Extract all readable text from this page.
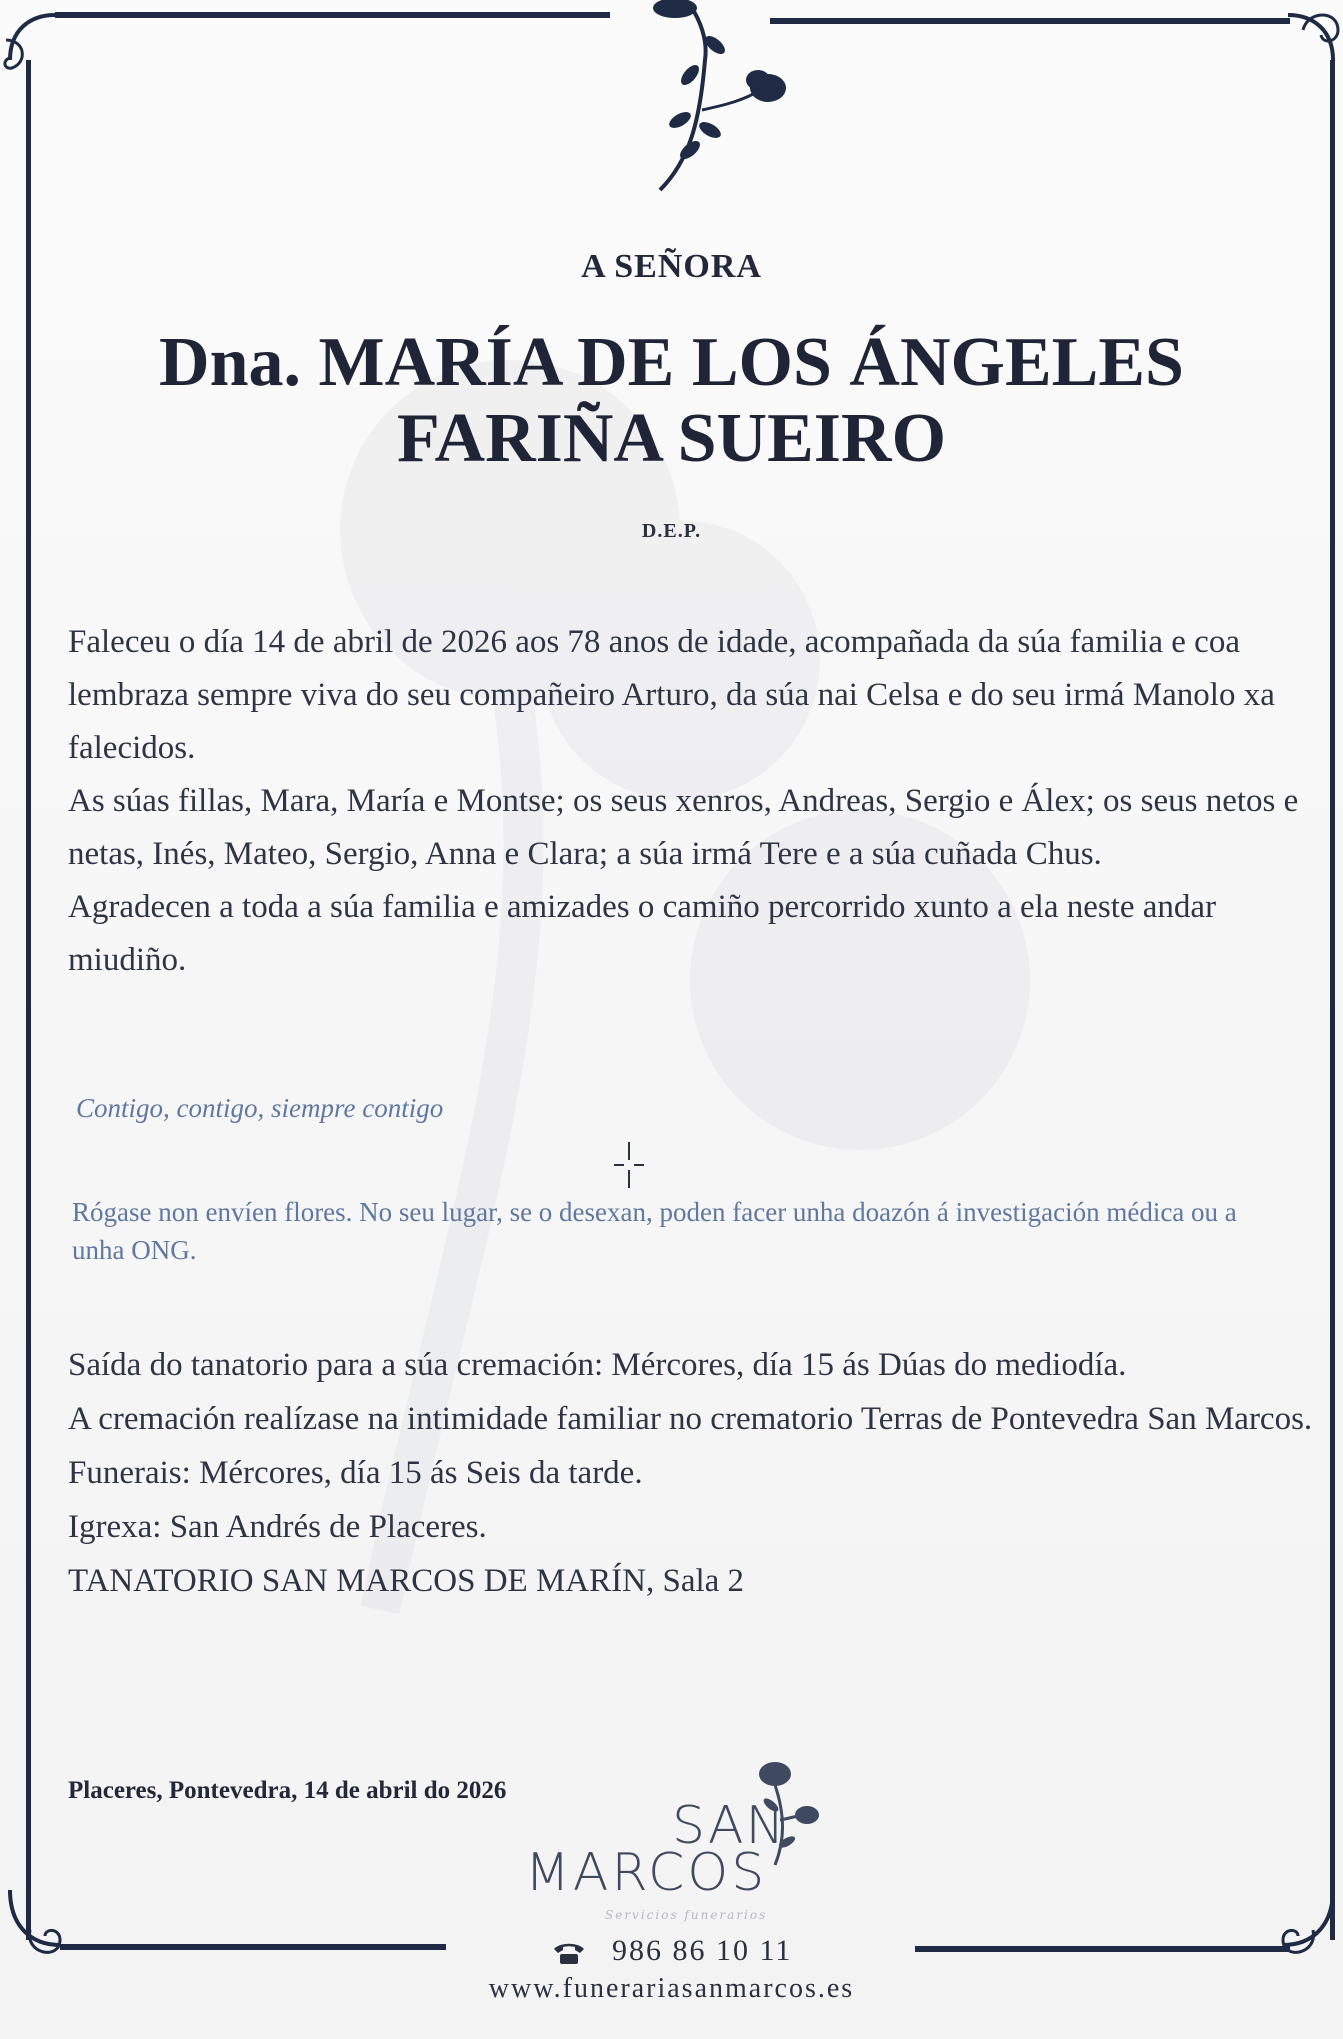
A SEÑORA
Dna. MARÍA DE LOS ÁNGELES
FARIÑA SUEIRO
D.E.P.

Faleceu o día 14 de abril de 2026 aos 78 anos de idade, acompañada da súa familia e coa lembraza sempre viva do seu compañeiro Arturo, da súa nai Celsa e do seu irmá Manolo xa falecidos.

As súas fillas, Mara, María e Montse; os seus xenros, Andreas, Sergio e Álex; os seus netos e netas, Inés, Mateo, Sergio, Anna e Clara; a súa irmá Tere e a súa cuñada Chus.

Agradecen a toda a súa familia e amizades o camiño percorrido xunto a ela neste andar miudiño.

Contigo, contigo, siempre contigo
Rógase non envíen flores. No seu lugar, se o desexan, poden facer unha doazón á investigación médica ou a unha ONG.

Saída do tanatorio para a súa cremación: Mércores, día 15 ás Dúas do mediodía.

A cremación realízase na intimidade familiar no crematorio Terras de Pontevedra San Marcos.

Funerais: Mércores, día 15 ás Seis da tarde.

Igrexa: San Andrés de Placeres.

TANATORIO SAN MARCOS DE MARÍN, Sala 2

Placeres, Pontevedra, 14 de abril do 2026
SAN
MARCOS
Servicios funerarios
986 86 10 11
www.funerariasanmarcos.es
